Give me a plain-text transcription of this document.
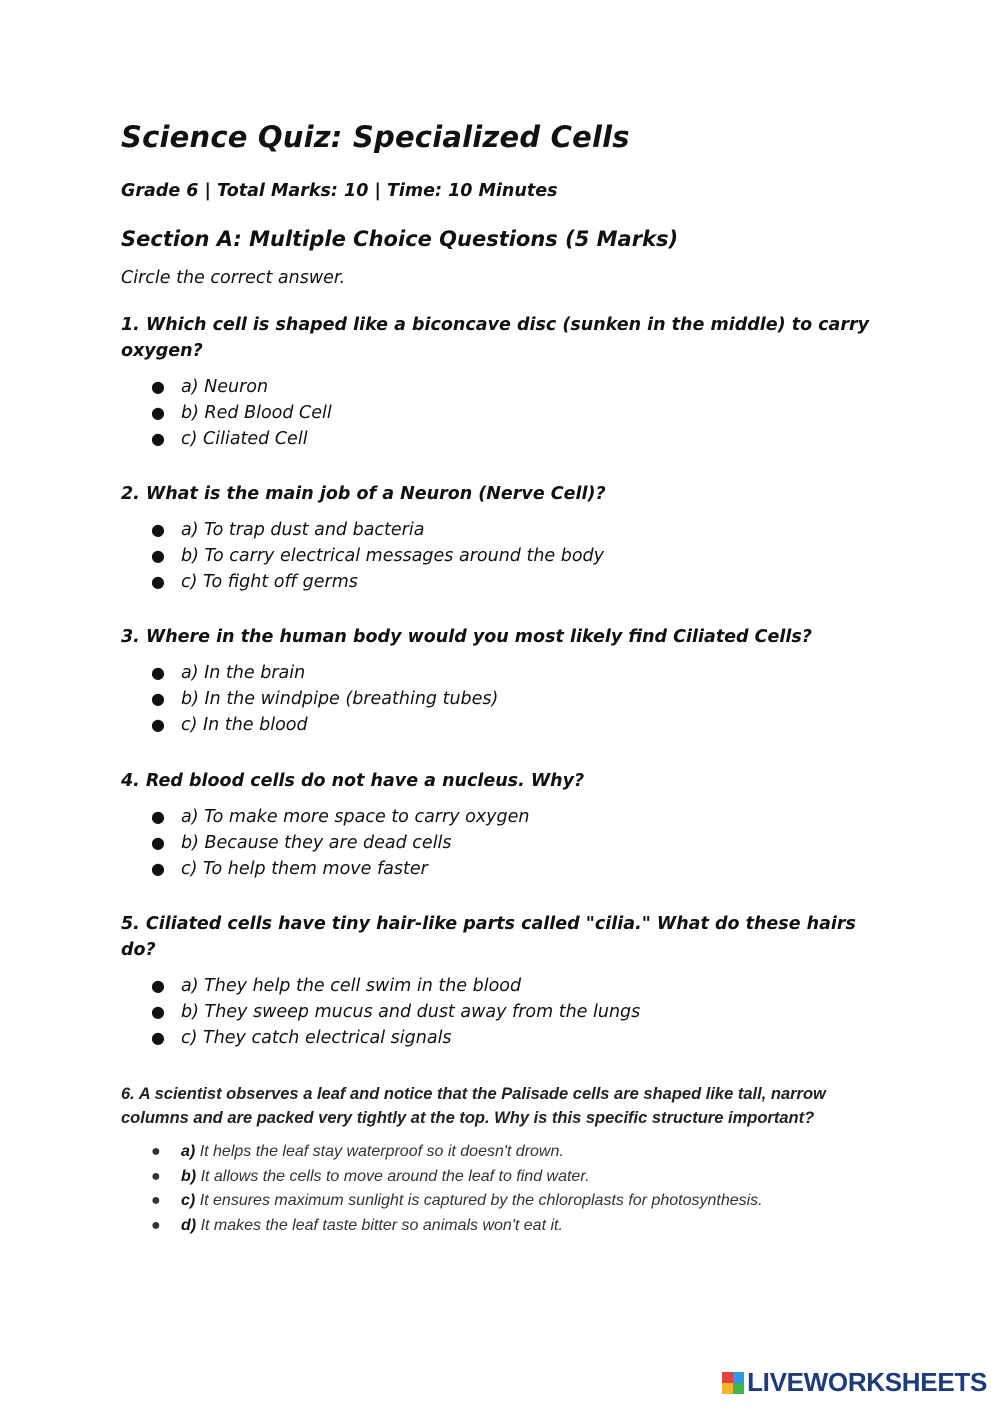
Science Quiz: Specialized Cells
Grade 6 | Total Marks: 10 | Time: 10 Minutes
Section A: Multiple Choice Questions (5 Marks)
Circle the correct answer.
1. Which cell is shaped like a biconcave disc (sunken in the middle) to carry oxygen?
● a) Neuron
● b) Red Blood Cell
● c) Ciliated Cell
2. What is the main job of a Neuron (Nerve Cell)?
● a) To trap dust and bacteria
● b) To carry electrical messages around the body
● c) To fight off germs
3. Where in the human body would you most likely find Ciliated Cells?
● a) In the brain
● b) In the windpipe (breathing tubes)
● c) In the blood
4. Red blood cells do not have a nucleus. Why?
● a) To make more space to carry oxygen
● b) Because they are dead cells
● c) To help them move faster
5. Ciliated cells have tiny hair-like parts called "cilia." What do these hairs do?
● a) They help the cell swim in the blood
● b) They sweep mucus and dust away from the lungs
● c) They catch electrical signals
6. A scientist observes a leaf and notice that the Palisade cells are shaped like tall, narrow columns and are packed very tightly at the top. Why is this specific structure important?
● a) It helps the leaf stay waterproof so it doesn't drown.
● b) It allows the cells to move around the leaf to find water.
● c) It ensures maximum sunlight is captured by the chloroplasts for photosynthesis.
● d) It makes the leaf taste bitter so animals won't eat it.
LIVEWORKSHEETS
